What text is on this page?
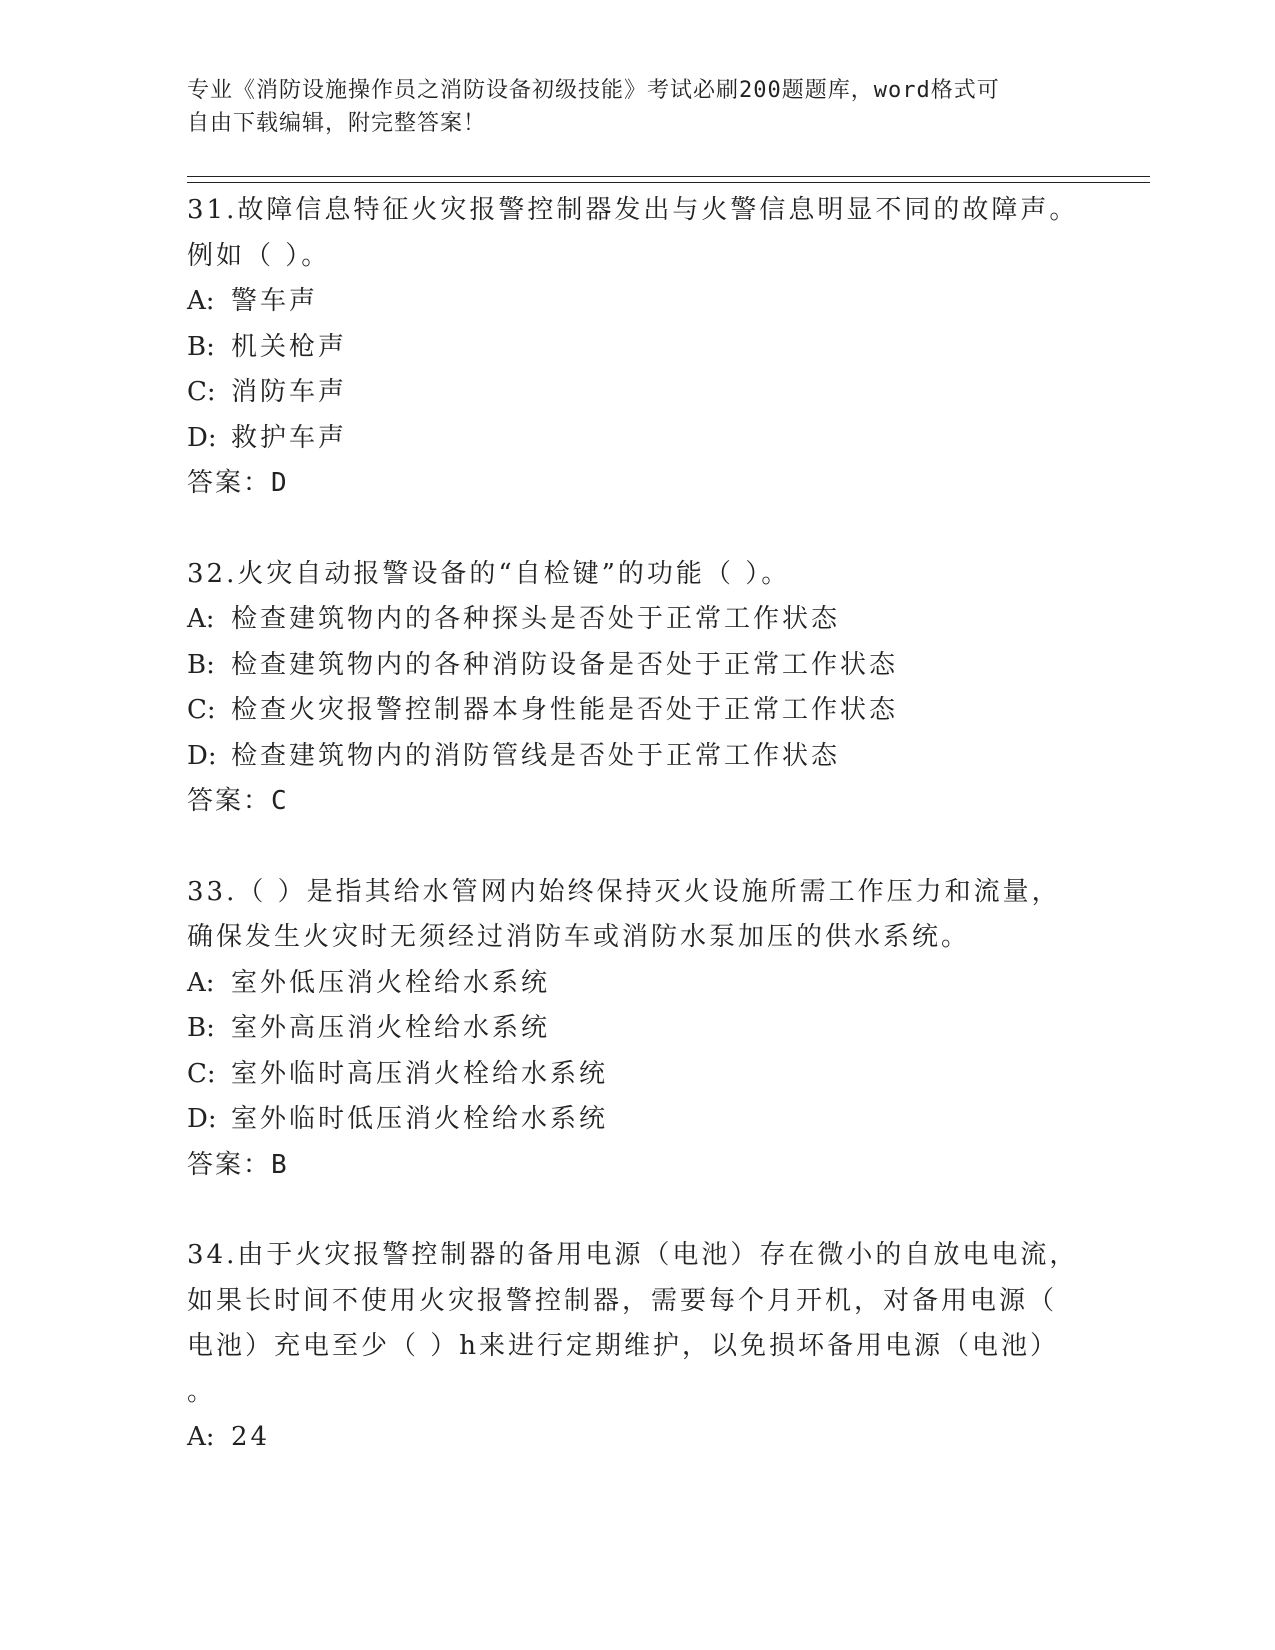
专业《消防设施操作员之消防设备初级技能》考试必刷200题题库，word格式可
自由下载编辑，附完整答案！
31.故障信息特征火灾报警控制器发出与火警信息明显不同的故障声。
例如（ ）。
A: 警车声
B: 机关枪声
C: 消防车声
D: 救护车声
答案：D
32.火灾自动报警设备的“自检键”的功能（ ）。
A: 检查建筑物内的各种探头是否处于正常工作状态
B: 检查建筑物内的各种消防设备是否处于正常工作状态
C: 检查火灾报警控制器本身性能是否处于正常工作状态
D: 检查建筑物内的消防管线是否处于正常工作状态
答案：C
33.（ ）是指其给水管网内始终保持灭火设施所需工作压力和流量，
确保发生火灾时无须经过消防车或消防水泵加压的供水系统。
A: 室外低压消火栓给水系统
B: 室外高压消火栓给水系统
C: 室外临时高压消火栓给水系统
D: 室外临时低压消火栓给水系统
答案：B
34.由于火灾报警控制器的备用电源（电池）存在微小的自放电电流，
如果长时间不使用火灾报警控制器，需要每个月开机，对备用电源（
电池）充电至少（ ）h来进行定期维护，以免损坏备用电源（电池）
。
A: 24
